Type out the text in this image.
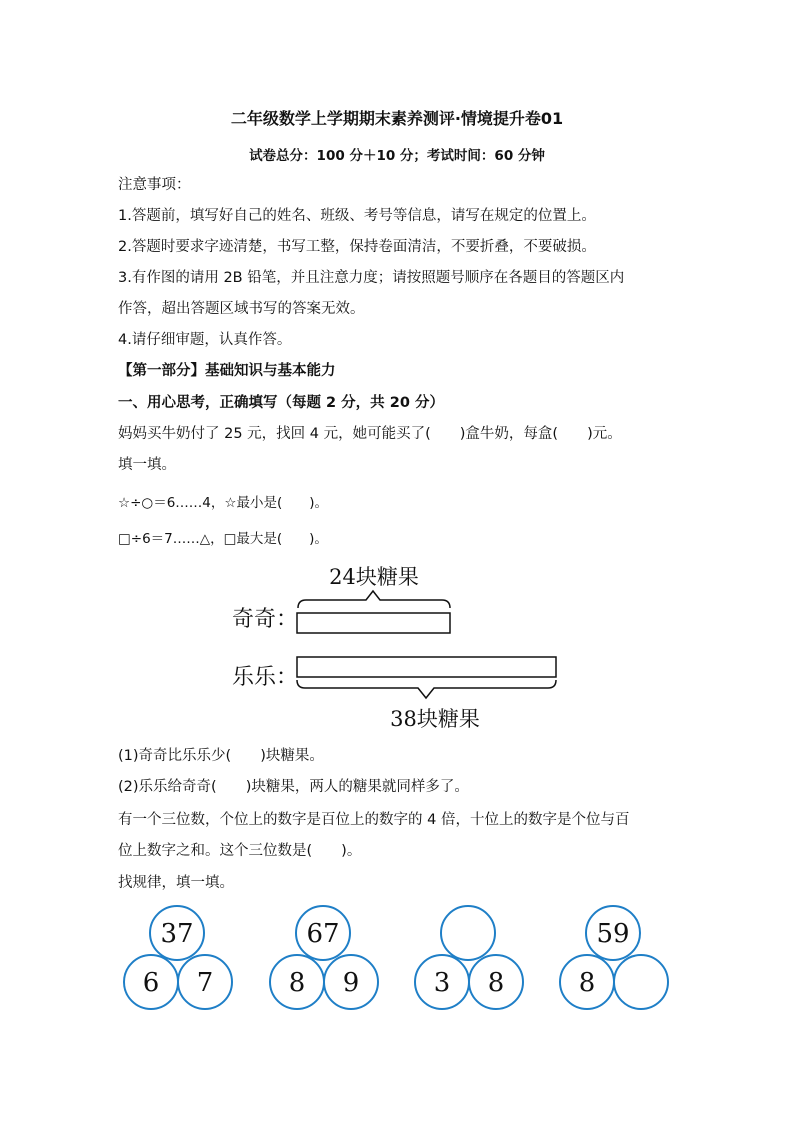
二年级数学上学期期末素养测评·情境提升卷01
试卷总分：100 分＋10 分；考试时间：60 分钟
注意事项：
1.答题前，填写好自己的姓名、班级、考号等信息，请写在规定的位置上。
2.答题时要求字迹清楚，书写工整，保持卷面清洁，不要折叠，不要破损。
3.有作图的请用 2B 铅笔，并且注意力度；请按照题号顺序在各题目的答题区内
作答，超出答题区域书写的答案无效。
4.请仔细审题，认真作答。
【第一部分】基础知识与基本能力
一、用心思考，正确填写（每题 2 分，共 20 分）
妈妈买牛奶付了 25 元，找回 4 元，她可能买了(　　)盒牛奶，每盒(　　)元。
填一填。
☆÷○＝6……4，☆最小是(　　)。
□÷6＝7……△，□最大是(　　)。
24块糖果
奇奇：
乐乐：
38块糖果
(1)奇奇比乐乐少(　　)块糖果。
(2)乐乐给奇奇(　　)块糖果，两人的糖果就同样多了。
有一个三位数，个位上的数字是百位上的数字的 4 倍，十位上的数字是个位与百
位上数字之和。这个三位数是(　　)。
找规律，填一填。
37
6 7
67
8 9	3 8
59
8
